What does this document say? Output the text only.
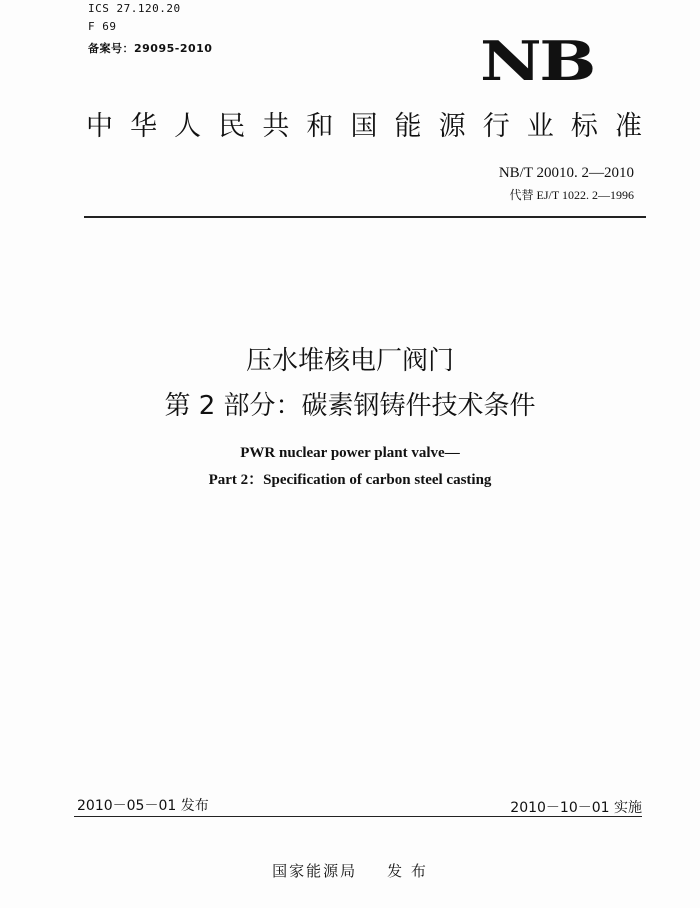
ICS 27.120.20
F 69
备案号：29095-2010	NB
中 华 人 民 共 和 国 能 源 行 业 标 准
NB/T 20010. 2—2010
代替 EJ/T 1022. 2—1996
压水堆核电厂阀门
第 2 部分：碳素钢铸件技术条件
PWR nuclear power plant valve—
Part 2：Specification of carbon steel casting
2010－05－01 发布	2010－10－01 实施
国家能源局 发 布
